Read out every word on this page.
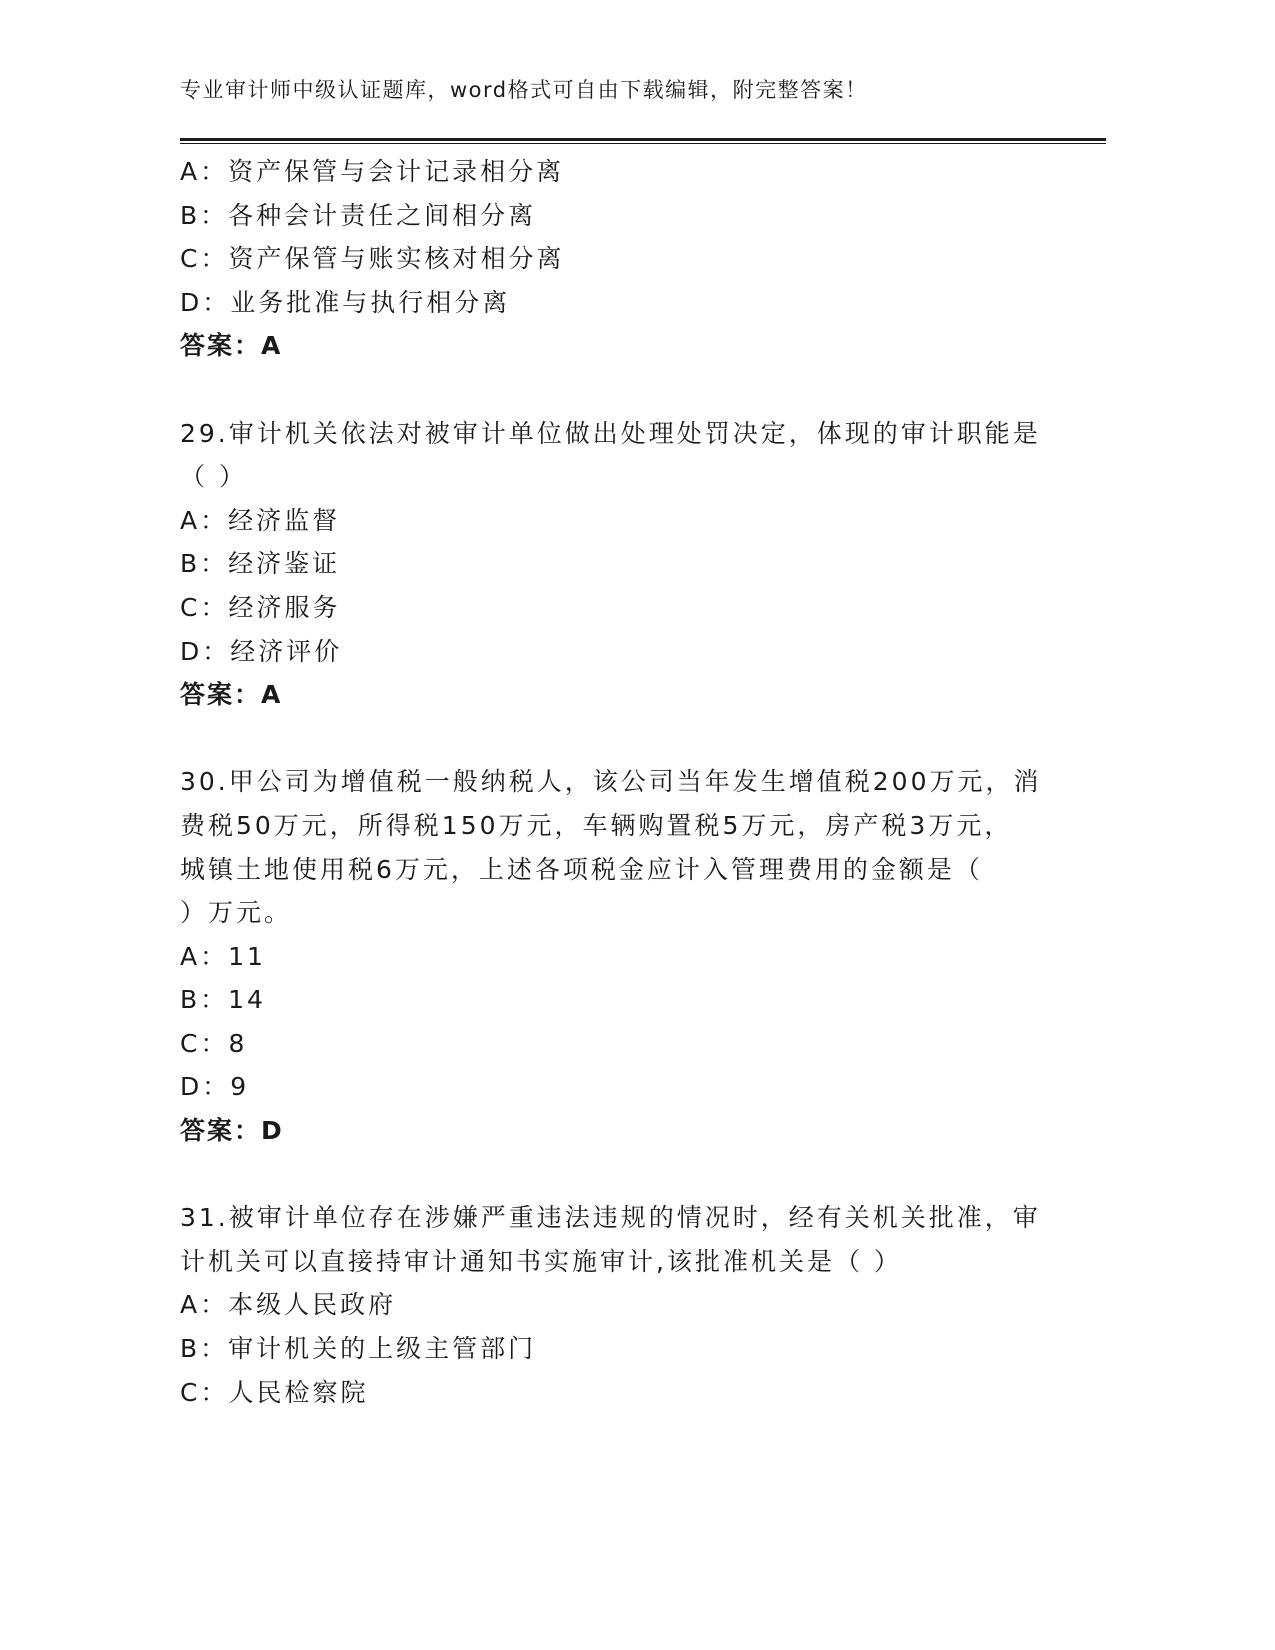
专业审计师中级认证题库，word格式可自由下载编辑，附完整答案！
A：资产保管与会计记录相分离
B：各种会计责任之间相分离
C：资产保管与账实核对相分离
D：业务批准与执行相分离
答案：A
29.审计机关依法对被审计单位做出处理处罚决定，体现的审计职能是
（ ）
A：经济监督
B：经济鉴证
C：经济服务
D：经济评价
答案：A
30.甲公司为增值税一般纳税人，该公司当年发生增值税200万元，消
费税50万元，所得税150万元，车辆购置税5万元，房产税3万元，
城镇土地使用税6万元，上述各项税金应计入管理费用的金额是（
）万元。
A：11
B：14
C：8
D：9
答案：D
31.被审计单位存在涉嫌严重违法违规的情况时，经有关机关批准，审
计机关可以直接持审计通知书实施审计,该批准机关是（ ）
A：本级人民政府
B：审计机关的上级主管部门
C：人民检察院
